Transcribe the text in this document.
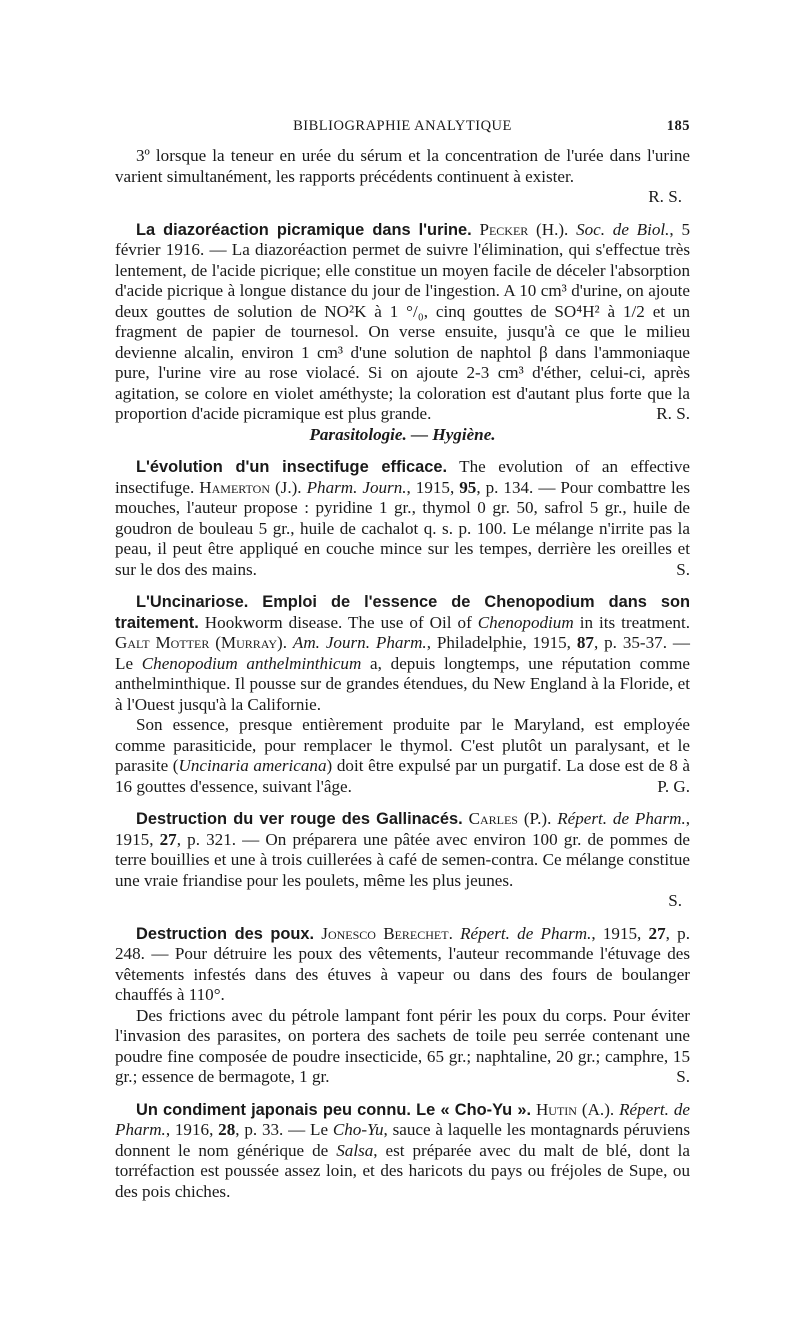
BIBLIOGRAPHIE ANALYTIQUE	185

3º lorsque la teneur en urée du sérum et la concentration de l'urée dans l'urine varient simultanément, les rapports précédents continuent à exister.

R. S.

La diazoréaction picramique dans l'urine. Pecker (H.). Soc. de Biol., 5 février 1916. — La diazoréaction permet de suivre l'élimination, qui s'effectue très lentement, de l'acide picrique; elle constitue un moyen facile de déceler l'absorption d'acide picrique à longue distance du jour de l'ingestion. A 10 cm³ d'urine, on ajoute deux gouttes de solution de NO²K à 1 °/₀, cinq gouttes de SO⁴H² à 1/2 et un fragment de papier de tournesol. On verse ensuite, jusqu'à ce que le milieu devienne alcalin, environ 1 cm³ d'une solution de naphtol β dans l'ammoniaque pure, l'urine vire au rose violacé. Si on ajoute 2-3 cm³ d'éther, celui-ci, après agitation, se colore en violet améthyste; la coloration est d'autant plus forte que la proportion d'acide picramique est plus grande.	R. S.

Parasitologie. — Hygiène.

L'évolution d'un insectifuge efficace. The evolution of an effective insectifuge. Hamerton (J.). Pharm. Journ., 1915, 95, p. 134. — Pour combattre les mouches, l'auteur propose : pyridine 1 gr., thymol 0 gr. 50, safrol 5 gr., huile de goudron de bouleau 5 gr., huile de cachalot q. s. p. 100. Le mélange n'irrite pas la peau, il peut être appliqué en couche mince sur les tempes, derrière les oreilles et sur le dos des mains.	S.

L'Uncinariose. Emploi de l'essence de Chenopodium dans son traitement. Hookworm disease. The use of Oil of Chenopodium in its treatment. Galt Motter (Murray). Am. Journ. Pharm., Philadelphie, 1915, 87, p. 35-37. — Le Chenopodium anthelminthicum a, depuis longtemps, une réputation comme anthelminthique. Il pousse sur de grandes étendues, du New England à la Floride, et à l'Ouest jusqu'à la Californie.

Son essence, presque entièrement produite par le Maryland, est employée comme parasiticide, pour remplacer le thymol. C'est plutôt un paralysant, et le parasite (Uncinaria americana) doit être expulsé par un purgatif. La dose est de 8 à 16 gouttes d'essence, suivant l'âge.	P. G.

Destruction du ver rouge des Gallinacés. Carles (P.). Répert. de Pharm., 1915, 27, p. 321. — On préparera une pâtée avec environ 100 gr. de pommes de terre bouillies et une à trois cuillerées à café de semen-contra. Ce mélange constitue une vraie friandise pour les poulets, même les plus jeunes.

S.

Destruction des poux. Jonesco Berechet. Répert. de Pharm., 1915, 27, p. 248. — Pour détruire les poux des vêtements, l'auteur recommande l'étuvage des vêtements infestés dans des étuves à vapeur ou dans des fours de boulanger chauffés à 110°.

Des frictions avec du pétrole lampant font périr les poux du corps. Pour éviter l'invasion des parasites, on portera des sachets de toile peu serrée contenant une poudre fine composée de poudre insecticide, 65 gr.; naphtaline, 20 gr.; camphre, 15 gr.; essence de bermagote, 1 gr.	S.

Un condiment japonais peu connu. Le « Cho-Yu ». Hutin (A.). Répert. de Pharm., 1916, 28, p. 33. — Le Cho-Yu, sauce à laquelle les montagnards péruviens donnent le nom générique de Salsa, est préparée avec du malt de blé, dont la torréfaction est poussée assez loin, et des haricots du pays ou fréjoles de Supe, ou des pois chiches.
